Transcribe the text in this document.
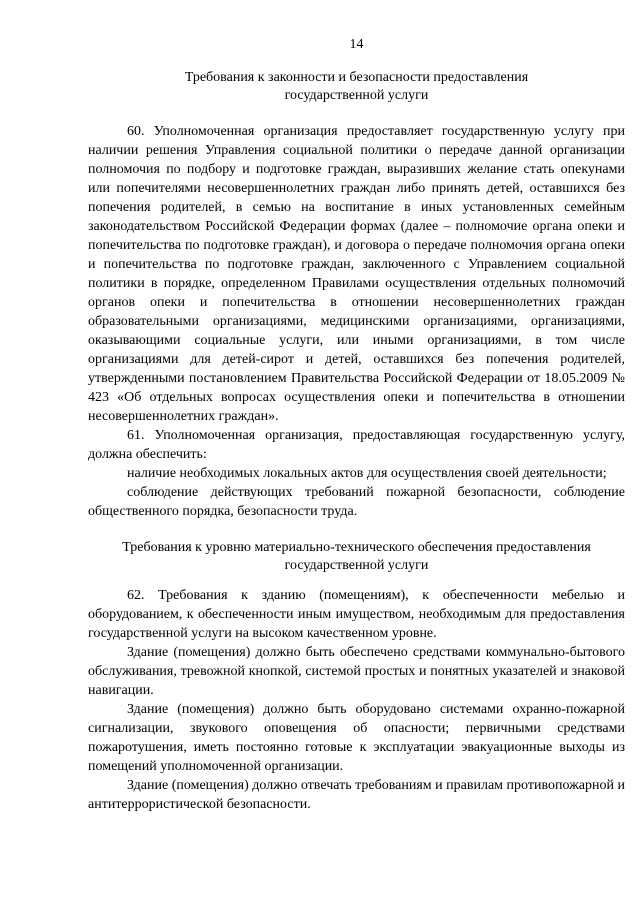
14
Требования к законности и безопасности предоставления
государственной услуги

60. Уполномоченная организация предоставляет государственную услугу при наличии решения Управления социальной политики о передаче данной организации полномочия по подбору и подготовке граждан, выразивших желание стать опекунами или попечителями несовершеннолетних граждан либо принять детей, оставшихся без попечения родителей, в семью на воспитание в иных установленных семейным законодательством Российской Федерации формах (далее – полномочие органа опеки и попечительства по подготовке граждан), и договора о передаче полномочия органа опеки и попечительства по подготовке граждан, заключенного с Управлением социальной политики в порядке, определенном Правилами осуществления отдельных полномочий органов опеки и попечительства в отношении несовершеннолетних граждан образовательными организациями, медицинскими организациями, организациями, оказывающими социальные услуги, или иными организациями, в том числе организациями для детей-сирот и детей, оставшихся без попечения родителей, утвержденными постановлением Правительства Российской Федерации от 18.05.2009 № 423 «Об отдельных вопросах осуществления опеки и попечительства в отношении несовершеннолетних граждан».

61. Уполномоченная организация, предоставляющая государственную услугу, должна обеспечить:

наличие необходимых локальных актов для осуществления своей деятельности;

соблюдение действующих требований пожарной безопасности, соблюдение общественного порядка, безопасности труда.

Требования к уровню материально-технического обеспечения предоставления
государственной услуги

62. Требования к зданию (помещениям), к обеспеченности мебелью и оборудованием, к обеспеченности иным имуществом, необходимым для предоставления государственной услуги на высоком качественном уровне.

Здание (помещения) должно быть обеспечено средствами коммунально-бытового обслуживания, тревожной кнопкой, системой простых и понятных указателей и знаковой навигации.

Здание (помещения) должно быть оборудовано системами охранно-пожарной сигнализации, звукового оповещения об опасности; первичными средствами пожаротушения, иметь постоянно готовые к эксплуатации эвакуационные выходы из помещений уполномоченной организации.

Здание (помещения) должно отвечать требованиям и правилам противопожарной и антитеррористической безопасности.
